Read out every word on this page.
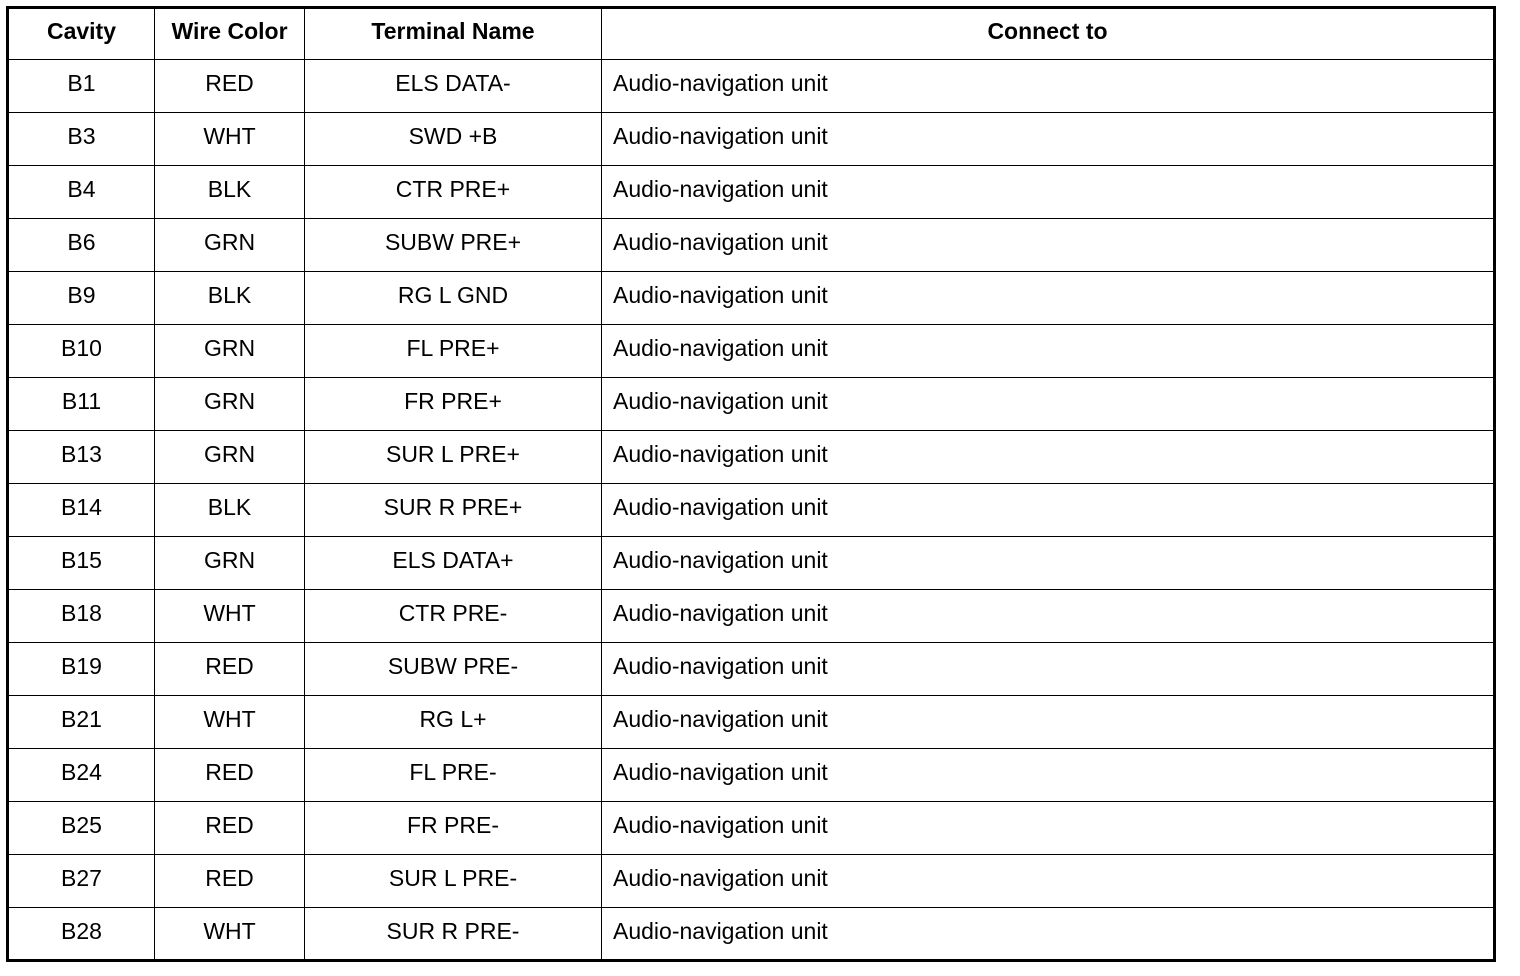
Cavity	Wire Color	Terminal Name	Connect to
B1	RED	ELS DATA-	Audio-navigation unit
B3	WHT	SWD +B	Audio-navigation unit
B4	BLK	CTR PRE+	Audio-navigation unit
B6	GRN	SUBW PRE+	Audio-navigation unit
B9	BLK	RG L GND	Audio-navigation unit
B10	GRN	FL PRE+	Audio-navigation unit
B11	GRN	FR PRE+	Audio-navigation unit
B13	GRN	SUR L PRE+	Audio-navigation unit
B14	BLK	SUR R PRE+	Audio-navigation unit
B15	GRN	ELS DATA+	Audio-navigation unit
B18	WHT	CTR PRE-	Audio-navigation unit
B19	RED	SUBW PRE-	Audio-navigation unit
B21	WHT	RG L+	Audio-navigation unit
B24	RED	FL PRE-	Audio-navigation unit
B25	RED	FR PRE-	Audio-navigation unit
B27	RED	SUR L PRE-	Audio-navigation unit
B28	WHT	SUR R PRE-	Audio-navigation unit
